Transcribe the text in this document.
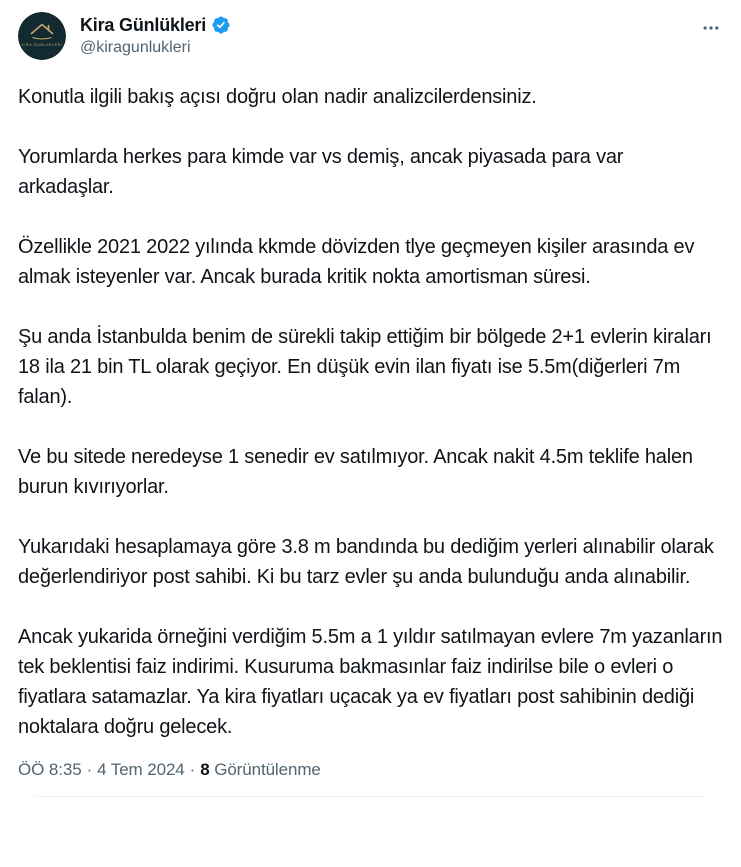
KIRA GÜNLÜKLERİ
Kira Günlükleri
@kiragunlukleri
Konutla ilgili bakış açısı doğru olan nadir analizcilerdensiniz.
Yorumlarda herkes para kimde var vs demiş, ancak piyasada para var arkadaşlar.
Özellikle 2021 2022 yılında kkmde dövizden tlye geçmeyen kişiler arasında ev almak isteyenler var. Ancak burada kritik nokta amortisman süresi.
Şu anda İstanbulda benim de sürekli takip ettiğim bir bölgede 2+1 evlerin kiraları 18 ila 21 bin TL olarak geçiyor. En düşük evin ilan fiyatı ise 5.5m(diğerleri 7m falan).
Ve bu sitede neredeyse 1 senedir ev satılmıyor. Ancak nakit 4.5m teklife halen burun kıvırıyorlar.
Yukarıdaki hesaplamaya göre 3.8 m bandında bu dediğim yerleri alınabilir olarak değerlendiriyor post sahibi. Ki bu tarz evler şu anda bulunduğu anda alınabilir.
Ancak yukarida örneğini verdiğim 5.5m a 1 yıldır satılmayan evlere 7m yazanların tek beklentisi faiz indirimi. Kusuruma bakmasınlar faiz indirilse bile o evleri o fiyatlara satamazlar. Ya kira fiyatları uçacak ya ev fiyatları post sahibinin dediği noktalara doğru gelecek.
ÖÖ 8:35 · 4 Tem 2024 · 8 Görüntülenme
